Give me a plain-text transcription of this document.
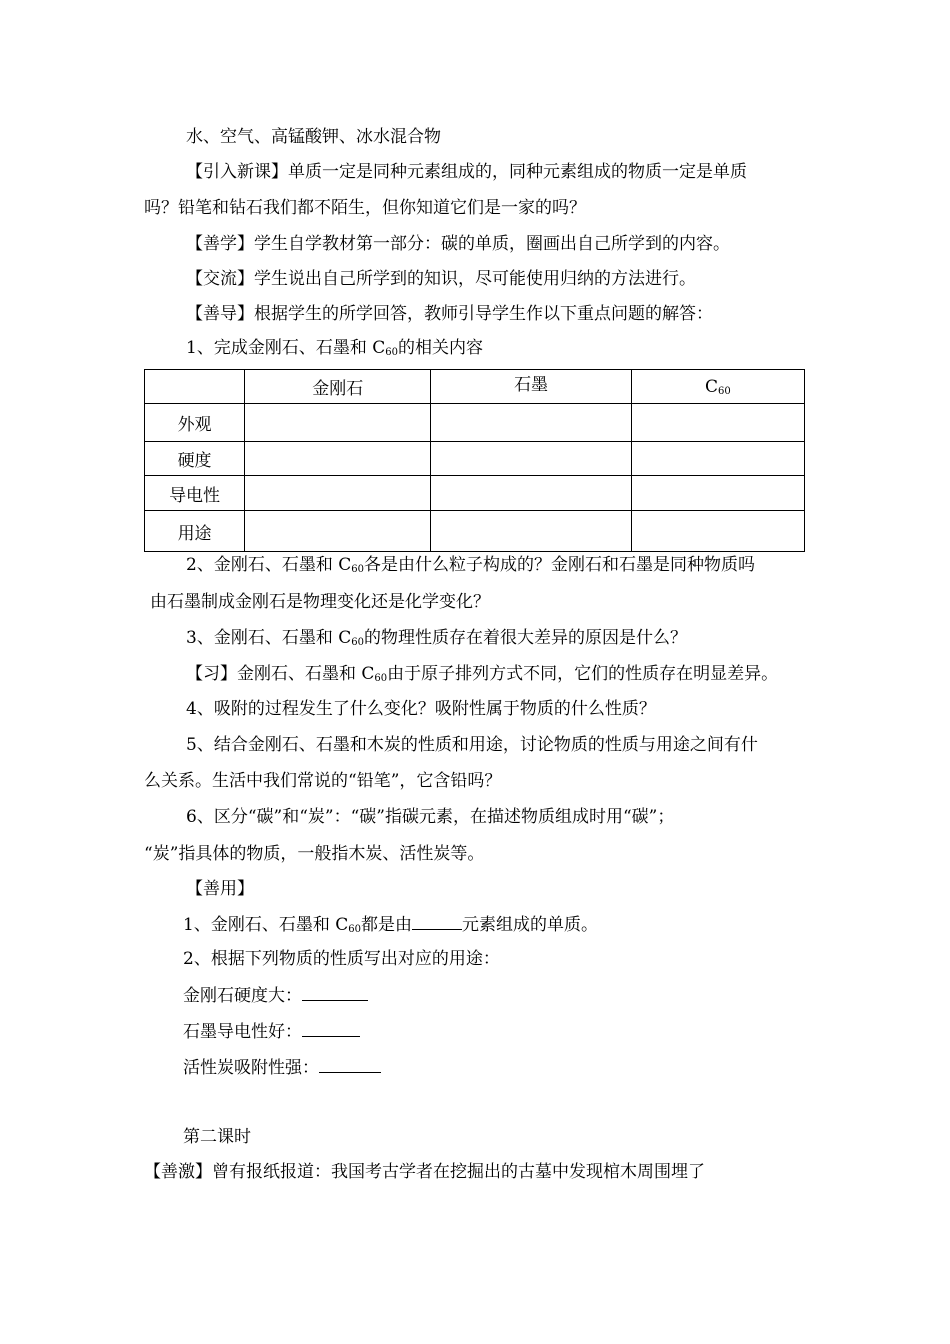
水、空气、高锰酸钾、冰水混合物
【引入新课】单质一定是同种元素组成的，同种元素组成的物质一定是单质
吗？铅笔和钻石我们都不陌生，但你知道它们是一家的吗？
【善学】学生自学教材第一部分：碳的单质，圈画出自己所学到的内容。
【交流】学生说出自己所学到的知识，尽可能使用归纳的方法进行。
【善导】根据学生的所学回答，教师引导学生作以下重点问题的解答：
1、完成金刚石、石墨和 $C_{60}$的相关内容
	金刚石	石墨	$C_{60}$
外观			
硬度			
导电性			
用途			
2、金刚石、石墨和 $C_{60}$各是由什么粒子构成的？金刚石和石墨是同种物质吗
由石墨制成金刚石是物理变化还是化学变化？
3、金刚石、石墨和 $C_{60}$的物理性质存在着很大差异的原因是什么？
【习】金刚石、石墨和 $C_{60}$由于原子排列方式不同，它们的性质存在明显差异。
4、吸附的过程发生了什么变化？吸附性属于物质的什么性质？
5、结合金刚石、石墨和木炭的性质和用途，讨论物质的性质与用途之间有什
么关系。生活中我们常说的“铅笔”，它含铅吗？
6、区分“碳”和“炭”：“碳”指碳元素，在描述物质组成时用“碳”；
“炭”指具体的物质，一般指木炭、活性炭等。
【善用】
1、金刚石、石墨和 $C_{60}$都是由	元素组成的单质。
2、根据下列物质的性质写出对应的用途：
金刚石硬度大：
石墨导电性好：
活性炭吸附性强：
第二课时
【善激】曾有报纸报道：我国考古学者在挖掘出的古墓中发现棺木周围埋了
